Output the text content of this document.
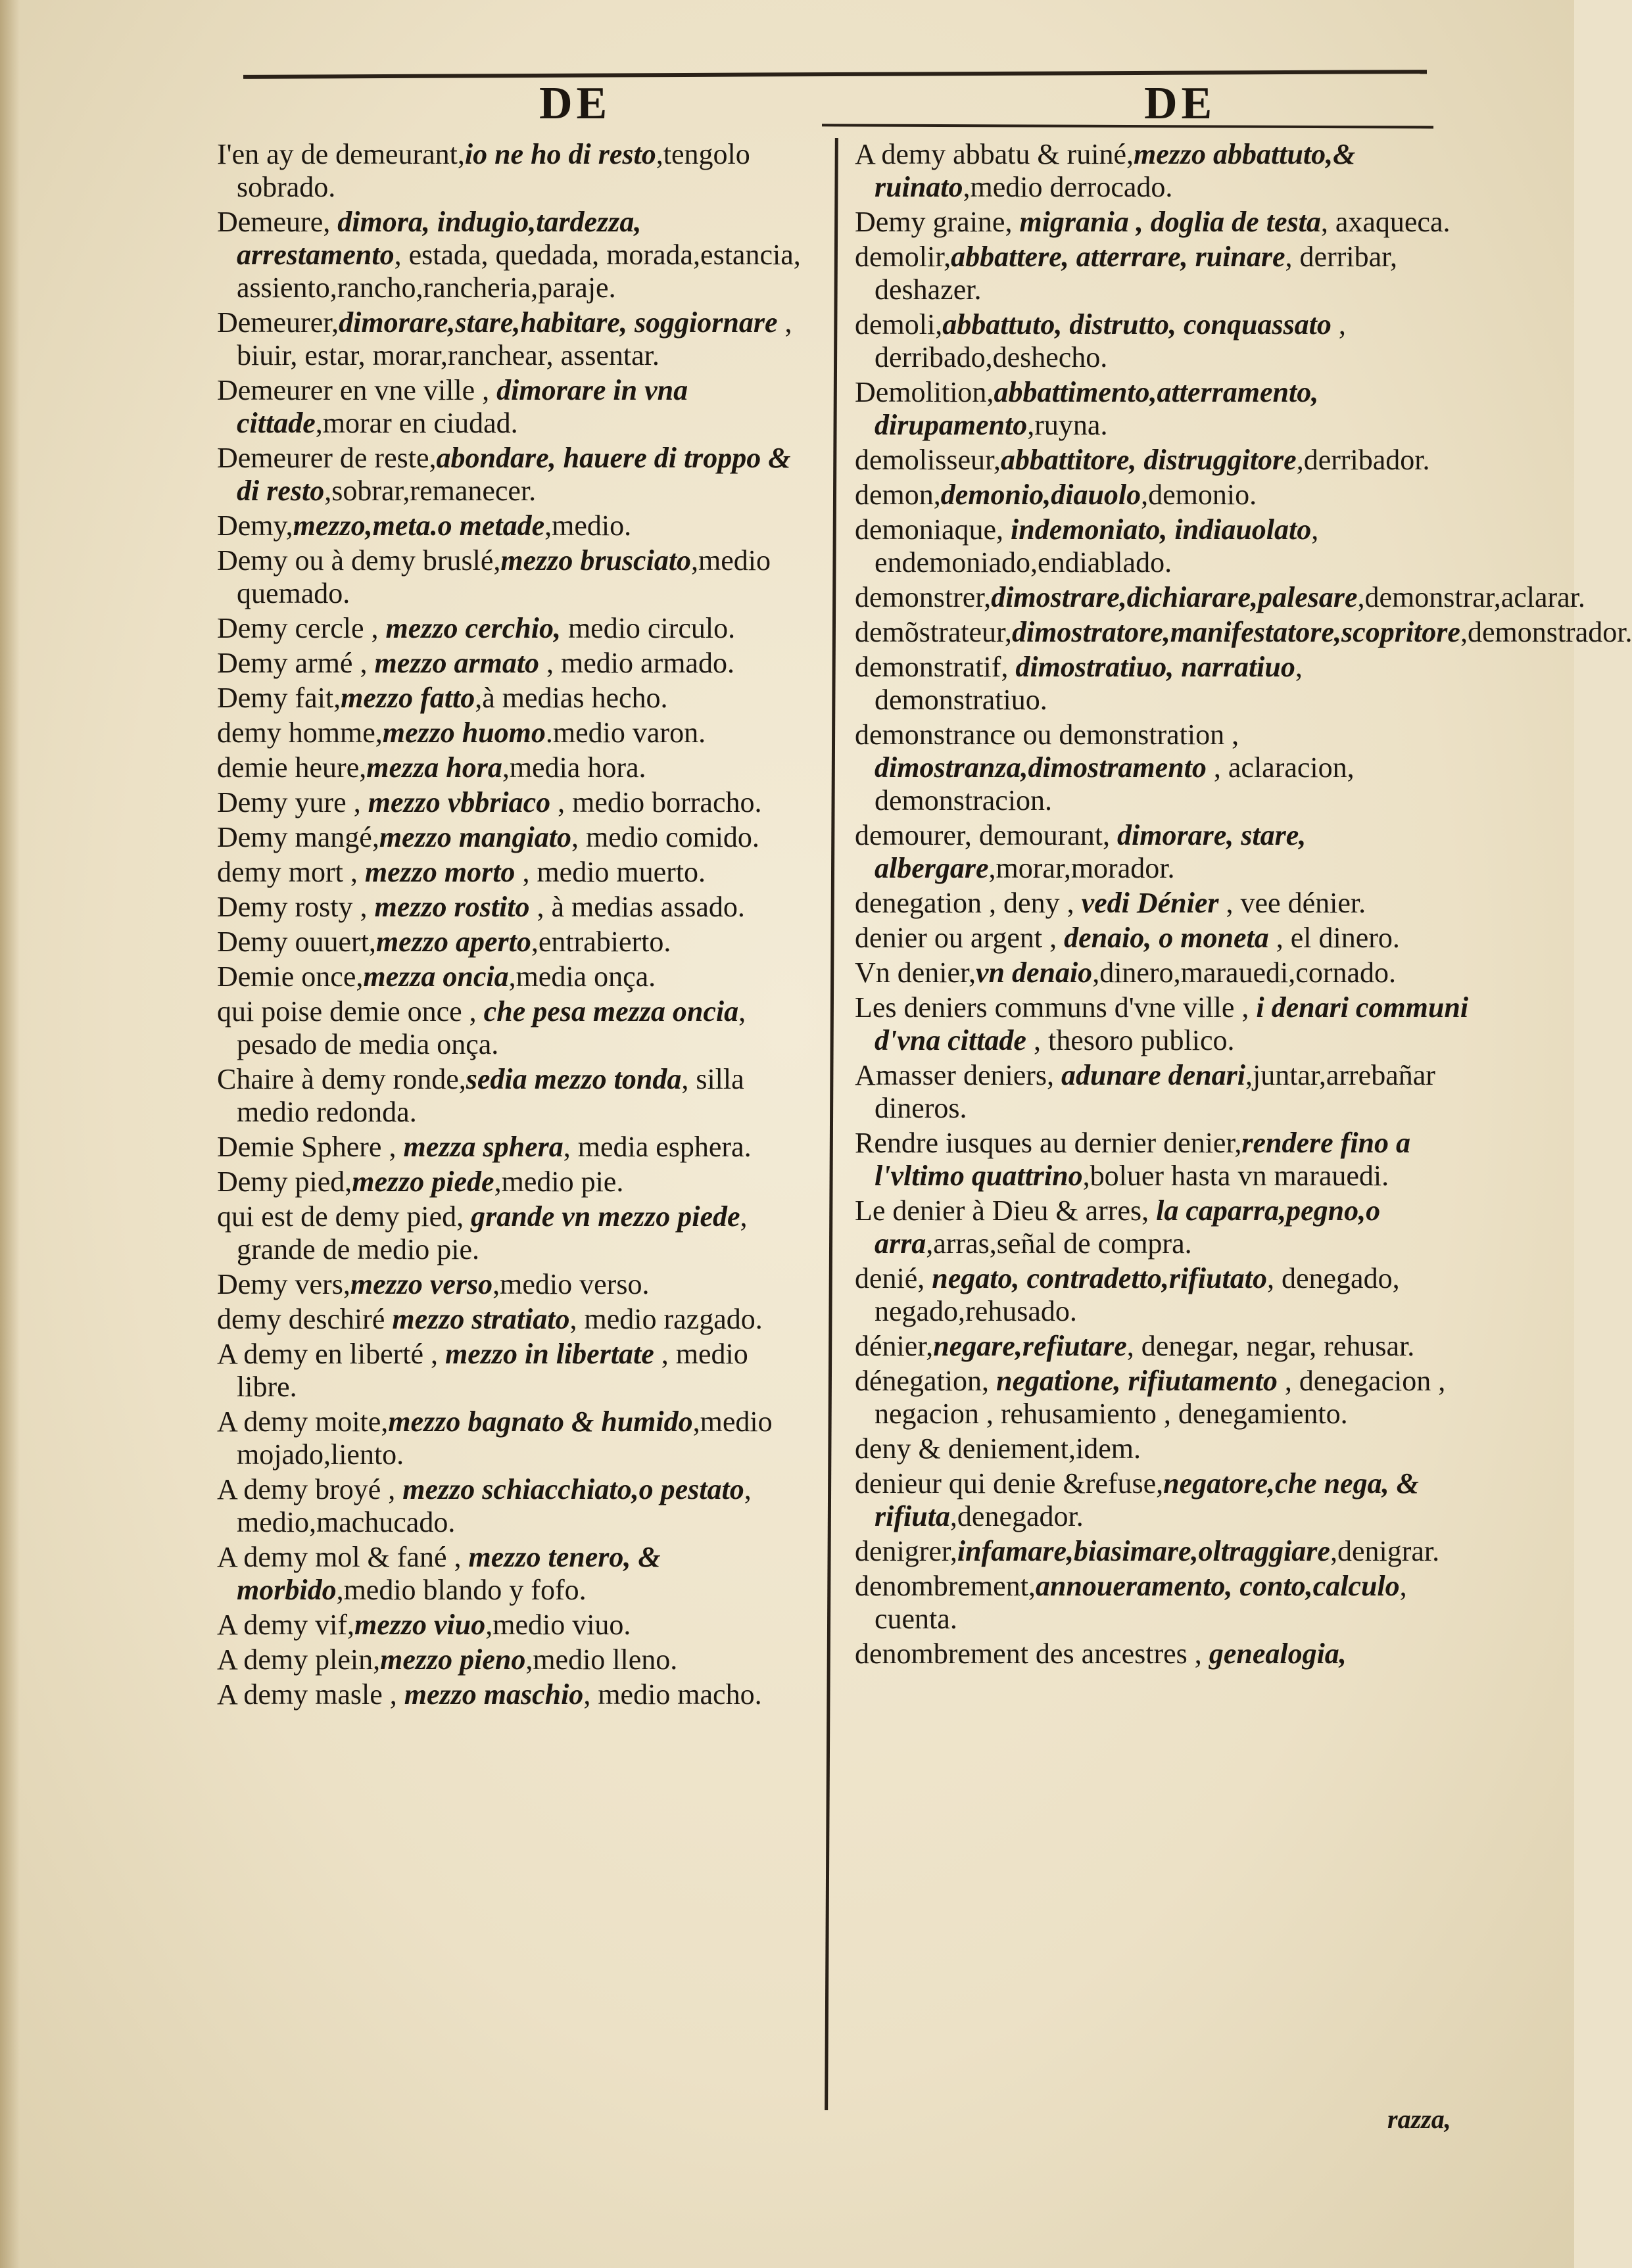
DE	DE

I'en ay de demeurant,io ne ho di resto,tengolo sobrado.

Demeure, dimora, indugio,tardezza, arrestamento, estada, quedada, morada,estancia, assiento,rancho,rancheria,paraje.

Demeurer,dimorare,stare,habitare, soggiornare , biuir, estar, morar,ranchear, assentar.

Demeurer en vne ville , dimorare in vna cittade,morar en ciudad.

Demeurer de reste,abondare, hauere di troppo & di resto,sobrar,remanecer.

Demy,mezzo,meta.o metade,medio.

Demy ou à demy bruslé,mezzo brusciato,medio quemado.

Demy cercle , mezzo cerchio, medio circulo.

Demy armé , mezzo armato , medio armado.

Demy fait,mezzo fatto,à medias hecho.

demy homme,mezzo huomo.medio varon.

demie heure,mezza hora,media hora.

Demy yure , mezzo vbbriaco , medio borracho.

Demy mangé,mezzo mangiato, medio comido.

demy mort , mezzo morto , medio muerto.

Demy rosty , mezzo rostito , à medias assado.

Demy ouuert,mezzo aperto,entrabierto.

Demie once,mezza oncia,media onça.

qui poise demie once , che pesa mezza oncia, pesado de media onça.

Chaire à demy ronde,sedia mezzo tonda, silla medio redonda.

Demie Sphere , mezza sphera, media esphera.

Demy pied,mezzo piede,medio pie.

qui est de demy pied, grande vn mezzo piede, grande de medio pie.

Demy vers,mezzo verso,medio verso.

demy deschiré mezzo stratiato, medio razgado.

A demy en liberté , mezzo in libertate , medio libre.

A demy moite,mezzo bagnato & humido,medio mojado,liento.

A demy broyé , mezzo schiacchiato,o pestato, medio,machucado.

A demy mol & fané , mezzo tenero, & morbido,medio blando y fofo.

A demy vif,mezzo viuo,medio viuo.

A demy plein,mezzo pieno,medio lleno.

A demy masle , mezzo maschio, medio macho.

A demy abbatu & ruiné,mezzo abbattuto,& ruinato,medio derrocado.

Demy graine, migrania , doglia de testa, axaqueca.

demolir,abbattere, atterrare, ruinare, derribar, deshazer.

demoli,abbattuto, distrutto, conquassato , derribado,deshecho.

Demolition,abbattimento,atterramento, dirupamento,ruyna.

demolisseur,abbattitore, distruggitore,derribador.

demon,demonio,diauolo,demonio.

demoniaque, indemoniato, indiauolato, endemoniado,endiablado.

demonstrer,dimostrare,dichiarare,palesare,demonstrar,aclarar.

demõstrateur,dimostratore,manifestatore,scopritore,demonstrador.

demonstratif, dimostratiuo, narratiuo, demonstratiuo.

demonstrance ou demonstration , dimostranza,dimostramento , aclaracion, demonstracion.

demourer, demourant, dimorare, stare, albergare,morar,morador.

denegation , deny , vedi Dénier , vee dénier.

denier ou argent , denaio, o moneta , el dinero.

Vn denier,vn denaio,dinero,marauedi,cornado.

Les deniers communs d'vne ville , i denari communi d'vna cittade , thesoro publico.

Amasser deniers, adunare denari,juntar,arrebañar dineros.

Rendre iusques au dernier denier,rendere fino a l'vltimo quattrino,boluer hasta vn marauedi.

Le denier à Dieu & arres, la caparra,pegno,o arra,arras,señal de compra.

denié, negato, contradetto,rifiutato, denegado, negado,rehusado.

dénier,negare,refiutare, denegar, negar, rehusar.

dénegation, negatione, rifiutamento , denegacion , negacion , rehusamiento , denegamiento.

deny & deniement,idem.

denieur qui denie &refuse,negatore,che nega, & rifiuta,denegador.

denigrer,infamare,biasimare,oltraggiare,denigrar.

denombrement,annoueramento, conto,calculo, cuenta.

denombrement des ancestres , genealogia,

razza,
